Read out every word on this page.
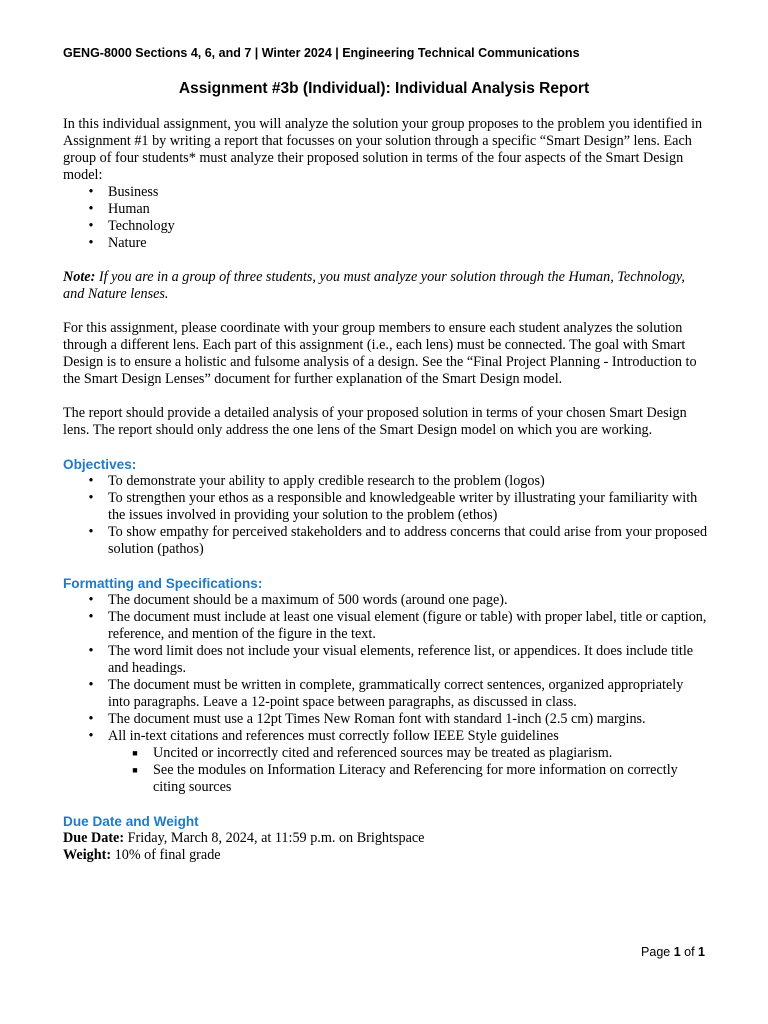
GENG-8000 Sections 4, 6, and 7 | Winter 2024 | Engineering Technical Communications
Assignment #3b (Individual): Individual Analysis Report

In this individual assignment, you will analyze the solution your group proposes to the problem you identified in Assignment #1 by writing a report that focusses on your solution through a specific “Smart Design” lens. Each group of four students* must analyze their proposed solution in terms of the four aspects of the Smart Design model:

• Business
• Human
• Technology
• Nature

Note: If you are in a group of three students, you must analyze your solution through the Human, Technology, and Nature lenses.

For this assignment, please coordinate with your group members to ensure each student analyzes the solution through a different lens. Each part of this assignment (i.e., each lens) must be connected. The goal with Smart Design is to ensure a holistic and fulsome analysis of a design. See the “Final Project Planning - Introduction to the Smart Design Lenses” document for further explanation of the Smart Design model.

The report should provide a detailed analysis of your proposed solution in terms of your chosen Smart Design lens. The report should only address the one lens of the Smart Design model on which you are working.

Objectives:
• To demonstrate your ability to apply credible research to the problem (logos)
• To strengthen your ethos as a responsible and knowledgeable writer by illustrating your familiarity with the issues involved in providing your solution to the problem (ethos)
• To show empathy for perceived stakeholders and to address concerns that could arise from your proposed solution (pathos)
Formatting and Specifications:
• The document should be a maximum of 500 words (around one page).
• The document must include at least one visual element (figure or table) with proper label, title or caption, reference, and mention of the figure in the text.
• The word limit does not include your visual elements, reference list, or appendices. It does include title and headings.
• The document must be written in complete, grammatically correct sentences, organized appropriately into paragraphs. Leave a 12-point space between paragraphs, as discussed in class.
• The document must use a 12pt Times New Roman font with standard 1-inch (2.5 cm) margins.
• All in-text citations and references must correctly follow IEEE Style guidelines
■ Uncited or incorrectly cited and referenced sources may be treated as plagiarism.
■ See the modules on Information Literacy and Referencing for more information on correctly citing sources
Due Date and Weight

Due Date: Friday, March 8, 2024, at 11:59 p.m. on Brightspace

Weight: 10% of final grade

Page 1 of 1
